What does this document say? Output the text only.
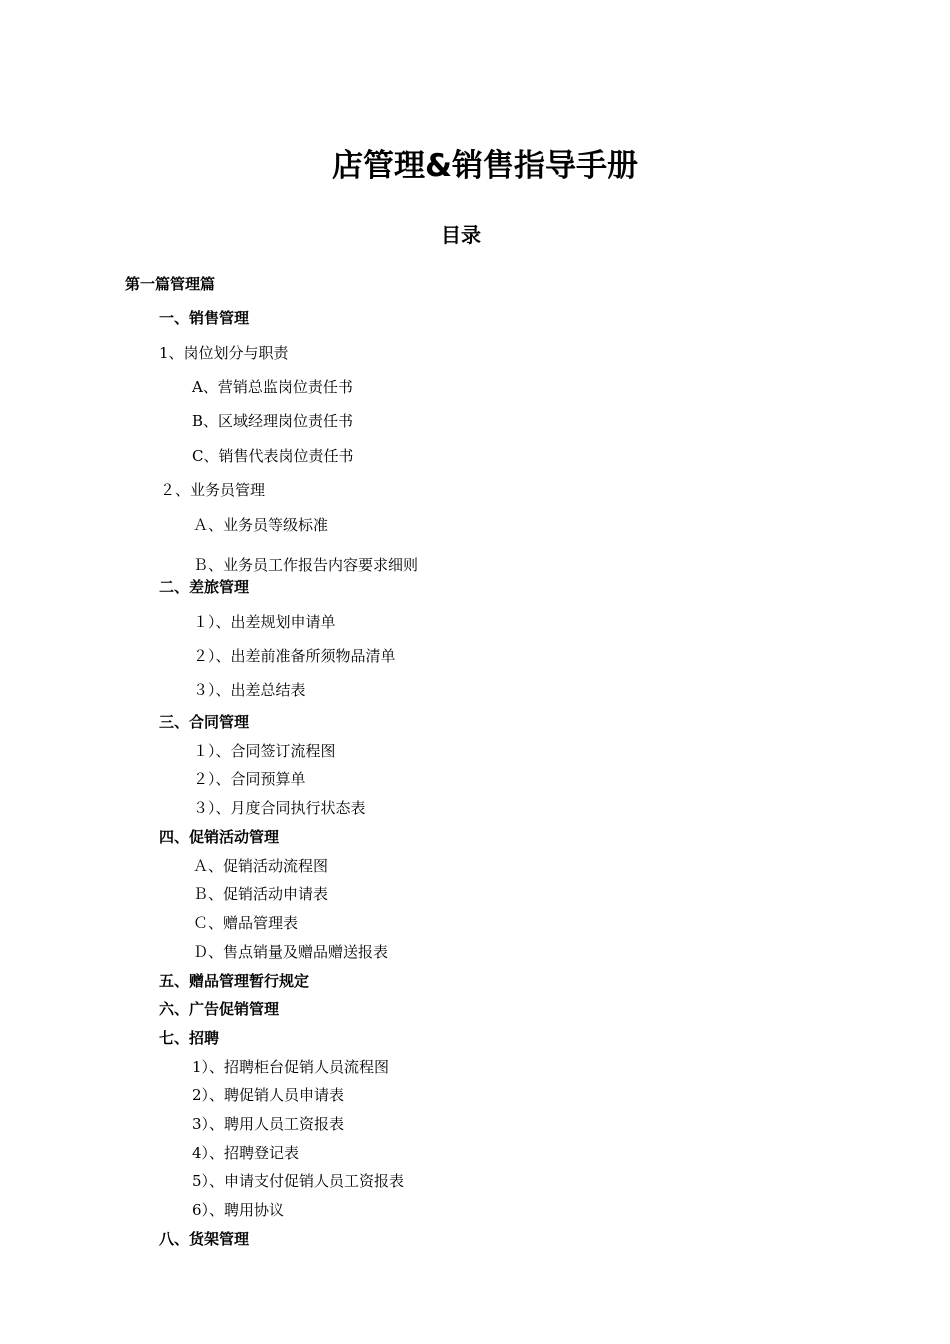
店管理&销售指导手册
目录
第一篇管理篇
一、销售管理
1、岗位划分与职责
A、营销总监岗位责任书
B、区域经理岗位责任书
C、销售代表岗位责任书
２、业务员管理
Ａ、业务员等级标准
Ｂ、业务员工作报告内容要求细则
二、差旅管理
１）、出差规划申请单
２）、出差前准备所须物品清单
３）、出差总结表
三、合同管理
１）、合同签订流程图
２）、合同预算单
３）、月度合同执行状态表
四、促销活动管理
Ａ、促销活动流程图
Ｂ、促销活动申请表
Ｃ、赠品管理表
Ｄ、售点销量及赠品赠送报表
五、赠品管理暂行规定
六、广告促销管理
七、招聘
1）、招聘柜台促销人员流程图
2）、聘促销人员申请表
3）、聘用人员工资报表
4）、招聘登记表
5）、申请支付促销人员工资报表
6）、聘用协议
八、货架管理
